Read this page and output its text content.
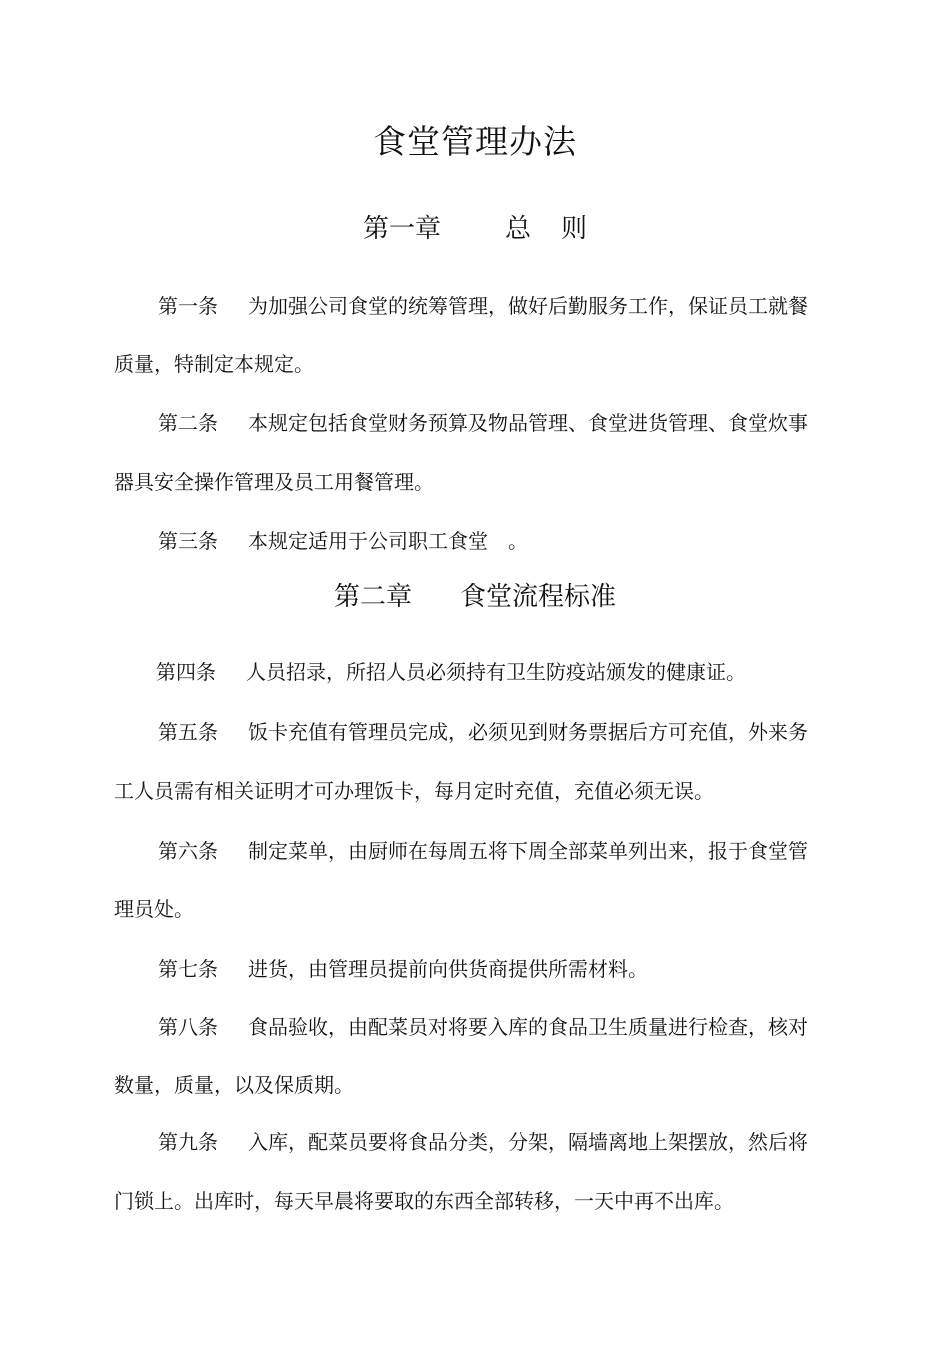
食堂管理办法
第一章 总 则
第一条 为加强公司食堂的统筹管理，做好后勤服务工作，保证员工就餐
质量，特制定本规定。
第二条 本规定包括食堂财务预算及物品管理、食堂进货管理、食堂炊事
器具安全操作管理及员工用餐管理。
第三条 本规定适用于公司职工食堂　。
第二章 食堂流程标准
第四条 人员招录，所招人员必须持有卫生防疫站颁发的健康证。
第五条 饭卡充值有管理员完成，必须见到财务票据后方可充值，外来务
工人员需有相关证明才可办理饭卡，每月定时充值，充值必须无误。
第六条 制定菜单，由厨师在每周五将下周全部菜单列出来，报于食堂管
理员处。
第七条 进货，由管理员提前向供货商提供所需材料。
第八条 食品验收，由配菜员对将要入库的食品卫生质量进行检查，核对
数量，质量，以及保质期。
第九条 入库，配菜员要将食品分类，分架，隔墙离地上架摆放，然后将
门锁上。出库时，每天早晨将要取的东西全部转移，一天中再不出库。
